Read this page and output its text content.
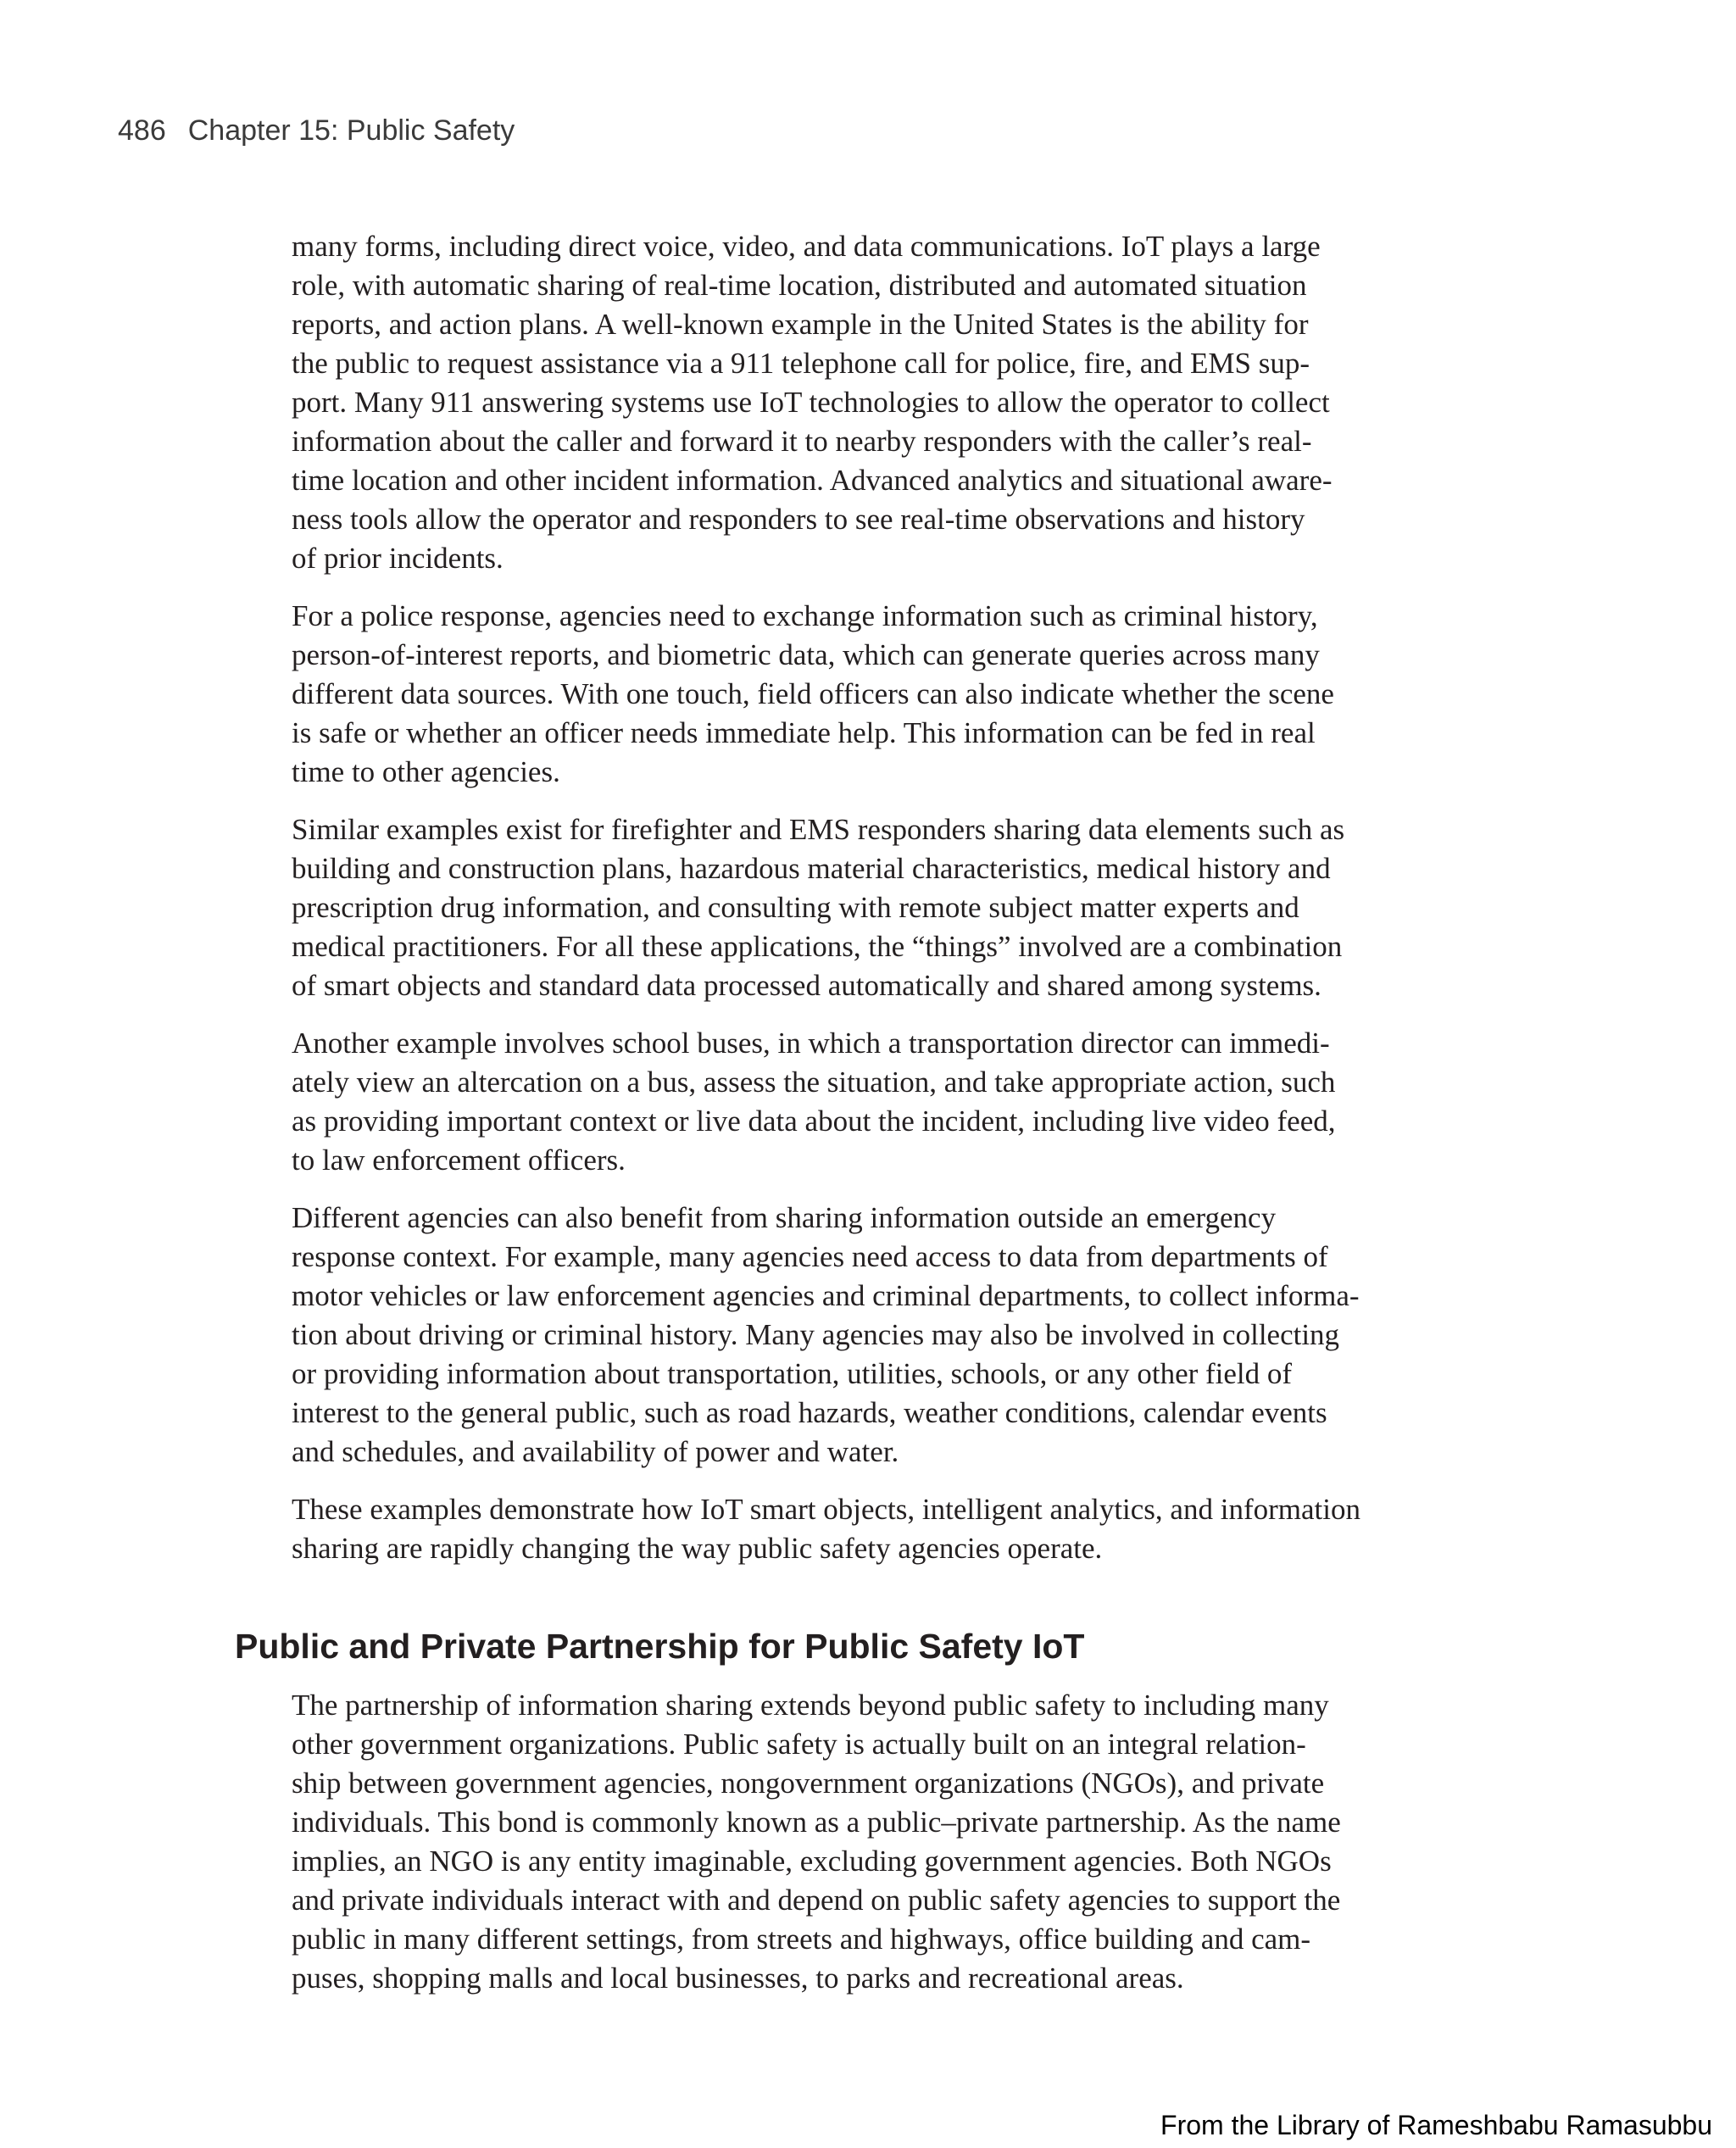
486 Chapter 15: Public Safety

many forms, including direct voice, video, and data communications. IoT plays a large
role, with automatic sharing of real-time location, distributed and automated situation
reports, and action plans. A well-known example in the United States is the ability for
the public to request assistance via a 911 telephone call for police, fire, and EMS sup-
port. Many 911 answering systems use IoT technologies to allow the operator to collect
information about the caller and forward it to nearby responders with the caller’s real-
time location and other incident information. Advanced analytics and situational aware-
ness tools allow the operator and responders to see real-time observations and history
of prior incidents.

For a police response, agencies need to exchange information such as criminal history,
person-of-interest reports, and biometric data, which can generate queries across many
different data sources. With one touch, field officers can also indicate whether the scene
is safe or whether an officer needs immediate help. This information can be fed in real
time to other agencies.

Similar examples exist for firefighter and EMS responders sharing data elements such as
building and construction plans, hazardous material characteristics, medical history and
prescription drug information, and consulting with remote subject matter experts and
medical practitioners. For all these applications, the “things” involved are a combination
of smart objects and standard data processed automatically and shared among systems.

Another example involves school buses, in which a transportation director can immedi-
ately view an altercation on a bus, assess the situation, and take appropriate action, such
as providing important context or live data about the incident, including live video feed,
to law enforcement officers.

Different agencies can also benefit from sharing information outside an emergency
response context. For example, many agencies need access to data from departments of
motor vehicles or law enforcement agencies and criminal departments, to collect informa-
tion about driving or criminal history. Many agencies may also be involved in collecting
or providing information about transportation, utilities, schools, or any other field of
interest to the general public, such as road hazards, weather conditions, calendar events
and schedules, and availability of power and water.

These examples demonstrate how IoT smart objects, intelligent analytics, and information
sharing are rapidly changing the way public safety agencies operate.

Public and Private Partnership for Public Safety IoT

The partnership of information sharing extends beyond public safety to including many
other government organizations. Public safety is actually built on an integral relation-
ship between government agencies, nongovernment organizations (NGOs), and private
individuals. This bond is commonly known as a public–private partnership. As the name
implies, an NGO is any entity imaginable, excluding government agencies. Both NGOs
and private individuals interact with and depend on public safety agencies to support the
public in many different settings, from streets and highways, office building and cam-
puses, shopping malls and local businesses, to parks and recreational areas.

From the Library of Rameshbabu Ramasubbu
